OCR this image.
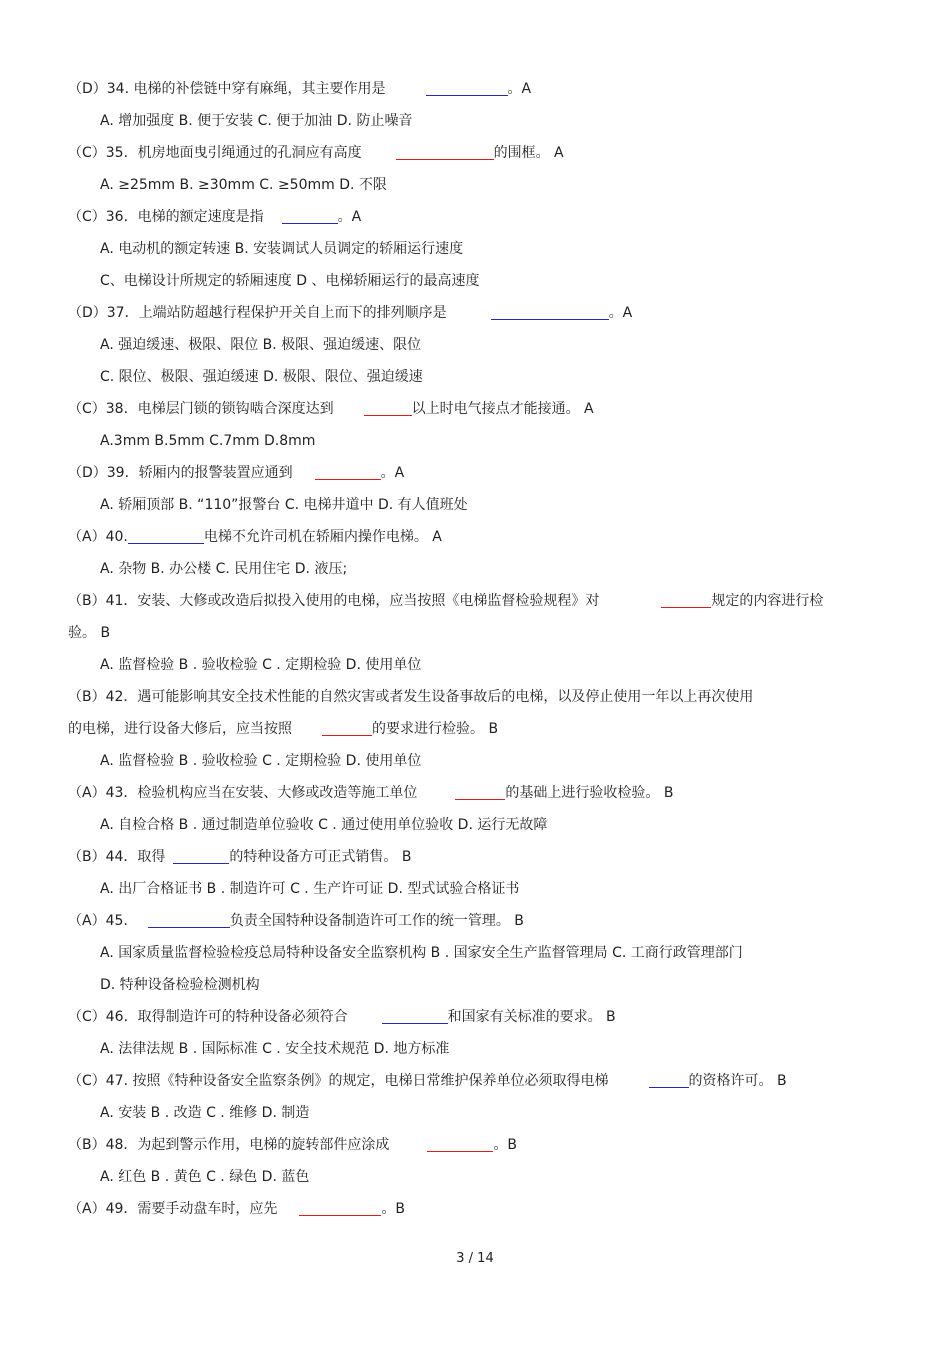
（D）34. 电梯的补偿链中穿有麻绳，其主要作用是	。A
A. 增加强度 B. 便于安装 C. 便于加油 D. 防止噪音
（C）35．机房地面曳引绳通过的孔洞应有高度	的围框。 A
A. ≥25mm B. ≥30mm C. ≥50mm D. 不限
（C）36．电梯的额定速度是指	。A
A. 电动机的额定转速 B. 安装调试人员调定的轿厢运行速度
C、电梯设计所规定的轿厢速度 D 、电梯轿厢运行的最高速度
（D）37．上端站防超越行程保护开关自上而下的排列顺序是	。A
A. 强迫缓速、极限、限位 B. 极限、强迫缓速、限位
C. 限位、极限、强迫缓速 D. 极限、限位、强迫缓速
（C）38．电梯层门锁的锁钩啮合深度达到	以上时电气接点才能接通。 A
A.3mm B.5mm C.7mm D.8mm
（D）39．轿厢内的报警装置应通到	。A
A. 轿厢顶部 B. “110”报警台 C. 电梯井道中 D. 有人值班处
（A）40.	电梯不允许司机在轿厢内操作电梯。 A
A. 杂物 B. 办公楼 C. 民用住宅 D. 液压;
（B）41．安装、大修或改造后拟投入使用的电梯，应当按照《电梯监督检验规程》对	规定的内容进行检
验。 B
A. 监督检验 B . 验收检验 C . 定期检验 D. 使用单位
（B）42．遇可能影响其安全技术性能的自然灾害或者发生设备事故后的电梯，以及停止使用一年以上再次使用
的电梯，进行设备大修后，应当按照	的要求进行检验。 B
A. 监督检验 B . 验收检验 C . 定期检验 D. 使用单位
（A）43．检验机构应当在安装、大修或改造等施工单位	的基础上进行验收检验。 B
A. 自检合格 B . 通过制造单位验收 C . 通过使用单位验收 D. 运行无故障
（B）44．取得	的特种设备方可正式销售。 B
A. 出厂合格证书 B . 制造许可 C . 生产许可证 D. 型式试验合格证书
（A）45.	负责全国特种设备制造许可工作的统一管理。 B
A. 国家质量监督检验检疫总局特种设备安全监察机构 B . 国家安全生产监督管理局 C. 工商行政管理部门
D. 特种设备检验检测机构
（C）46．取得制造许可的特种设备必须符合	和国家有关标准的要求。 B
A. 法律法规 B . 国际标准 C . 安全技术规范 D. 地方标准
（C）47. 按照《特种设备安全监察条例》的规定，电梯日常维护保养单位必须取得电梯	的资格许可。 B
A. 安装 B . 改造 C . 维修 D. 制造
（B）48．为起到警示作用，电梯的旋转部件应涂成	。B
A. 红色 B . 黄色 C . 绿色 D. 蓝色
（A）49．需要手动盘车时，应先	。B
3 / 14
